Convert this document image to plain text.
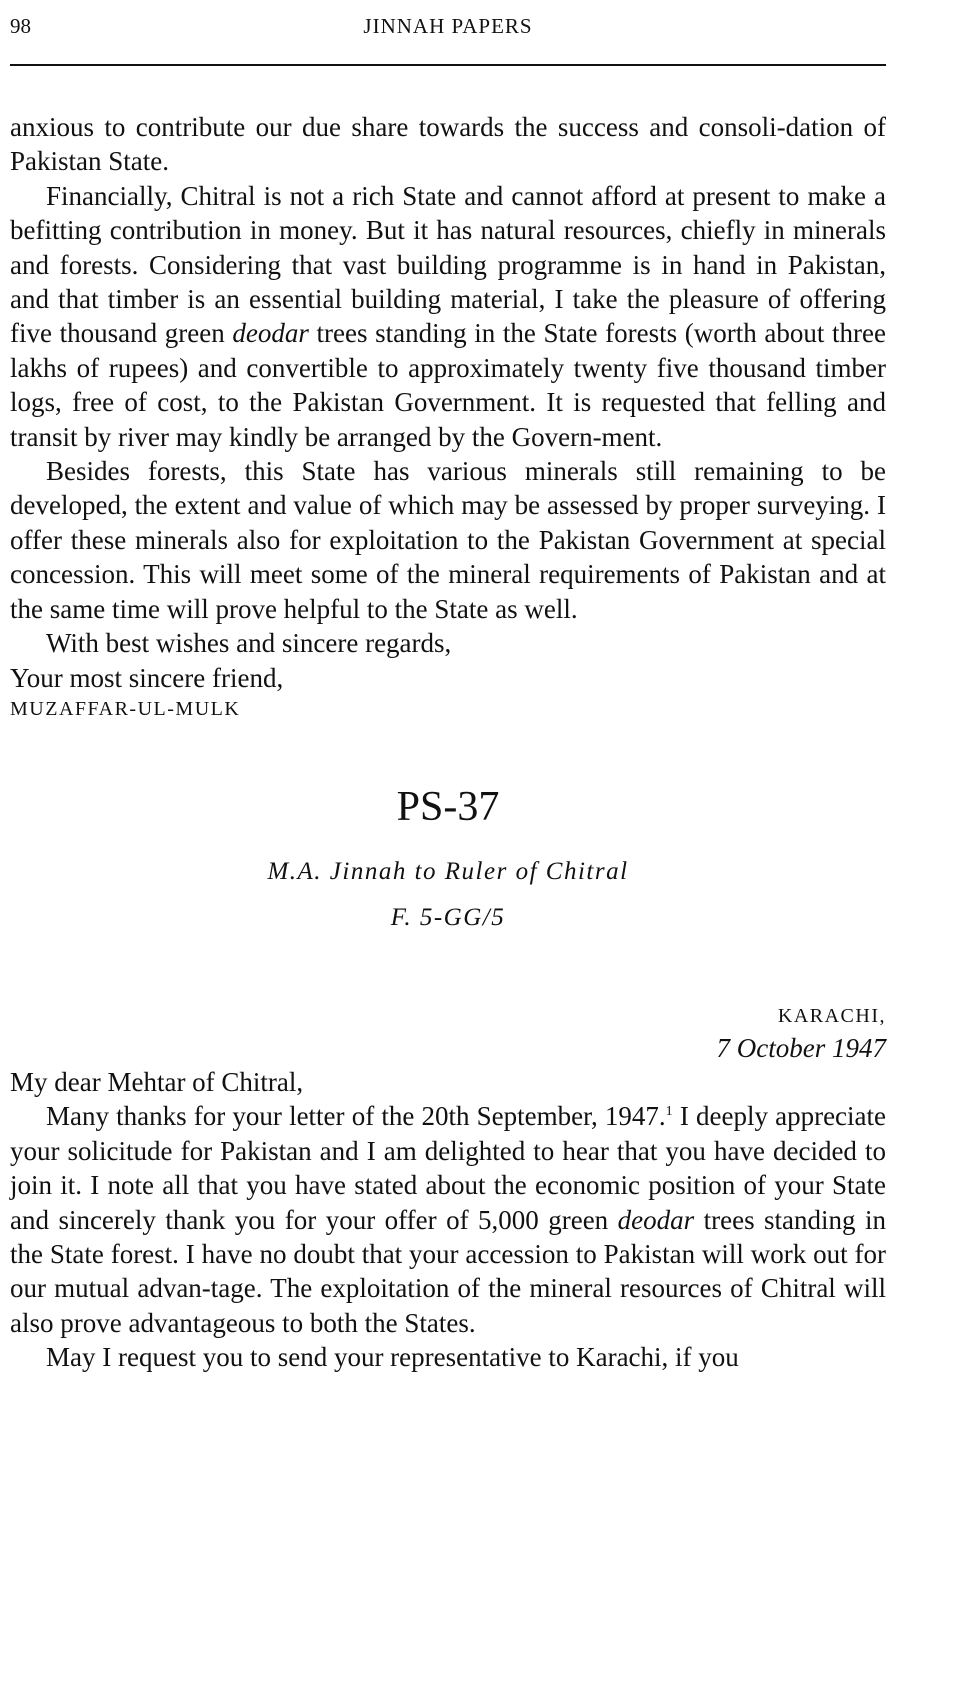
98	JINNAH PAPERS

anxious to contribute our due share towards the success and consoli-dation of Pakistan State.

Financially, Chitral is not a rich State and cannot afford at present to make a befitting contribution in money. But it has natural resources, chiefly in minerals and forests. Considering that vast building programme is in hand in Pakistan, and that timber is an essential building material, I take the pleasure of offering five thousand green deodar trees standing in the State forests (worth about three lakhs of rupees) and convertible to approximately twenty five thousand timber logs, free of cost, to the Pakistan Government. It is requested that felling and transit by river may kindly be arranged by the Govern-ment.

Besides forests, this State has various minerals still remaining to be developed, the extent and value of which may be assessed by proper surveying. I offer these minerals also for exploitation to the Pakistan Government at special concession. This will meet some of the mineral requirements of Pakistan and at the same time will prove helpful to the State as well.

With best wishes and sincere regards,

Your most sincere friend,

MUZAFFAR-UL-MULK

PS-37
M.A. Jinnah to Ruler of Chitral
F. 5-GG/5
KARACHI,
7 October 1947

My dear Mehtar of Chitral,

Many thanks for your letter of the 20th September, 1947.$^1$ I deeply appreciate your solicitude for Pakistan and I am delighted to hear that you have decided to join it. I note all that you have stated about the economic position of your State and sincerely thank you for your offer of 5,000 green deodar trees standing in the State forest. I have no doubt that your accession to Pakistan will work out for our mutual advan-tage. The exploitation of the mineral resources of Chitral will also prove advantageous to both the States.

May I request you to send your representative to Karachi, if you
